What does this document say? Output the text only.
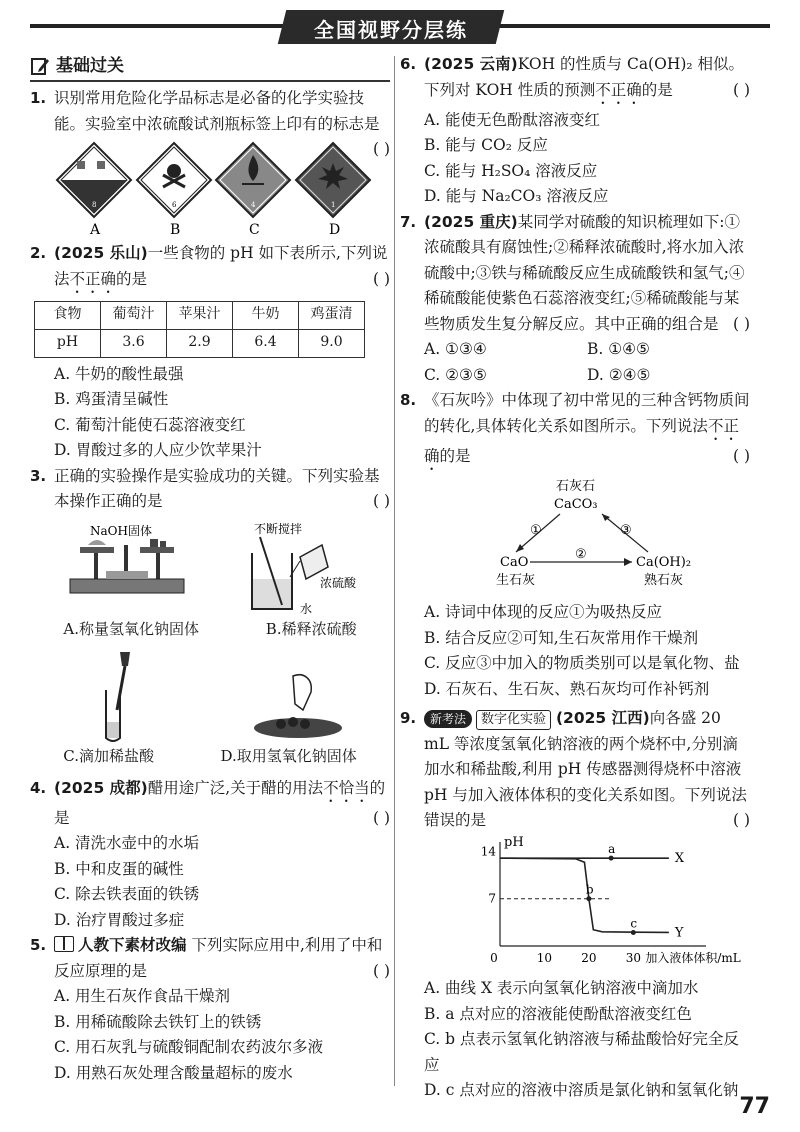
全国视野分层练
基础过关
1. 识别常用危险化学品标志是必备的化学实验技能。实验室中浓硫酸试剂瓶标签上印有的标志是
( )
8
A
6
B
4
C
1
D
2. (2025 乐山)一些食物的 pH 如下表所示,下列说法不正确的是	( )
食物	葡萄汁	苹果汁	牛奶	鸡蛋清
pH	3.6	2.9	6.4	9.0
A. 牛奶的酸性最强
B. 鸡蛋清呈碱性
C. 葡萄汁能使石蕊溶液变红
D. 胃酸过多的人应少饮苹果汁
3. 正确的实验操作是实验成功的关键。下列实验基本操作正确的是	( )
NaOH固体	不断搅拌
浓硫酸
水
A.称量氢氧化钠固体	B.稀释浓硫酸
C.滴加稀盐酸	D.取用氢氧化钠固体
4. (2025 成都)醋用途广泛,关于醋的用法不恰当的是	( )
A. 清洗水壶中的水垢
B. 中和皮蛋的碱性
C. 除去铁表面的铁锈
D. 治疗胃酸过多症
5.	人教下素材改编 下列实际应用中,利用了中和反应原理的是	( )
A. 用生石灰作食品干燥剂
B. 用稀硫酸除去铁钉上的铁锈
C. 用石灰乳与硫酸铜配制农药波尔多液
D. 用熟石灰处理含酸量超标的废水
6. (2025 云南)KOH 的性质与 Ca(OH)₂ 相似。下列对 KOH 性质的预测不正确的是	( )
A. 能使无色酚酞溶液变红
B. 能与 CO₂ 反应
C. 能与 H₂SO₄ 溶液反应
D. 能与 Na₂CO₃ 溶液反应
7. (2025 重庆)某同学对硫酸的知识梳理如下:①浓硫酸具有腐蚀性;②稀释浓硫酸时,将水加入浓硫酸中;③铁与稀硫酸反应生成硫酸铁和氢气;④稀硫酸能使紫色石蕊溶液变红;⑤稀硫酸能与某些物质发生复分解反应。其中正确的组合是 ( )
A. ①③④	B. ①④⑤
C. ②③⑤	D. ②④⑤
8. 《石灰吟》中体现了初中常见的三种含钙物质间的转化,具体转化关系如图所示。下列说法不正确的是	( )
石灰石
CaCO₃
①
②
③
CaO
生石灰
Ca(OH)₂
熟石灰
A. 诗词中体现的反应①为吸热反应
B. 结合反应②可知,生石灰常用作干燥剂
C. 反应③中加入的物质类别可以是氧化物、盐
D. 石灰石、生石灰、熟石灰均可作补钙剂
9.	新考法 数字化实验 (2025 江西)向各盛 20 mL 等浓度氢氧化钠溶液的两个烧杯中,分别滴加水和稀盐酸,利用 pH 传感器测得烧杯中溶液 pH 与加入液体体积的变化关系如图。下列说法错误的是	( )
pH
加入液体体积/mL
7
14
0	10 20 30
X
Y
a
b
c
A. 曲线 X 表示向氢氧化钠溶液中滴加水
B. a 点对应的溶液能使酚酞溶液变红色
C. b 点表示氢氧化钠溶液与稀盐酸恰好完全反应
D. c 点对应的溶液中溶质是氯化钠和氢氧化钠
77
